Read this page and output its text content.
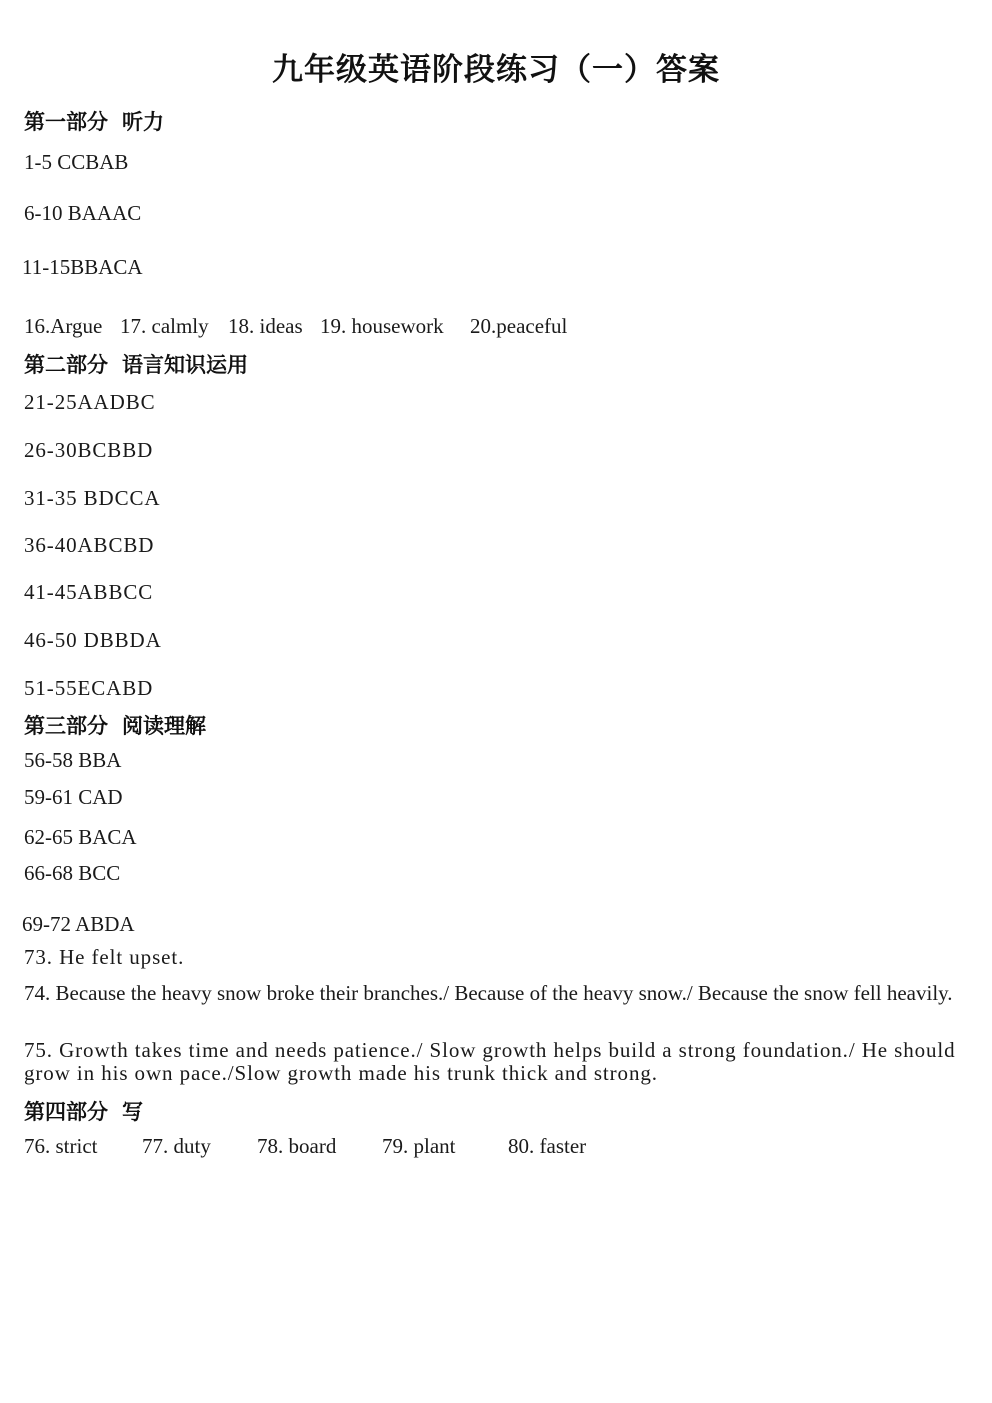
九年级英语阶段练习（一）答案
第一部分 听力
1-5 CCBAB
6-10 BAAAC
11-15BBACA
16.Argue 17. calmly 18. ideas 19. housework 20.peaceful
第二部分 语言知识运用
21-25AADBC
26-30BCBBD
31-35 BDCCA
36-40ABCBD
41-45ABBCC
46-50 DBBDA
51-55ECABD
第三部分 阅读理解
56-58 BBA
59-61 CAD
62-65 BACA
66-68 BCC
69-72 ABDA
73. He felt upset.
74. Because the heavy snow broke their branches./ Because of the heavy snow./ Because the snow fell heavily.
75. Growth takes time and needs patience./ Slow growth helps build a strong foundation./ He should grow in his own pace./Slow growth made his trunk thick and strong.
第四部分 写
76. strict 77. duty 78. board 79. plant	80. faster
